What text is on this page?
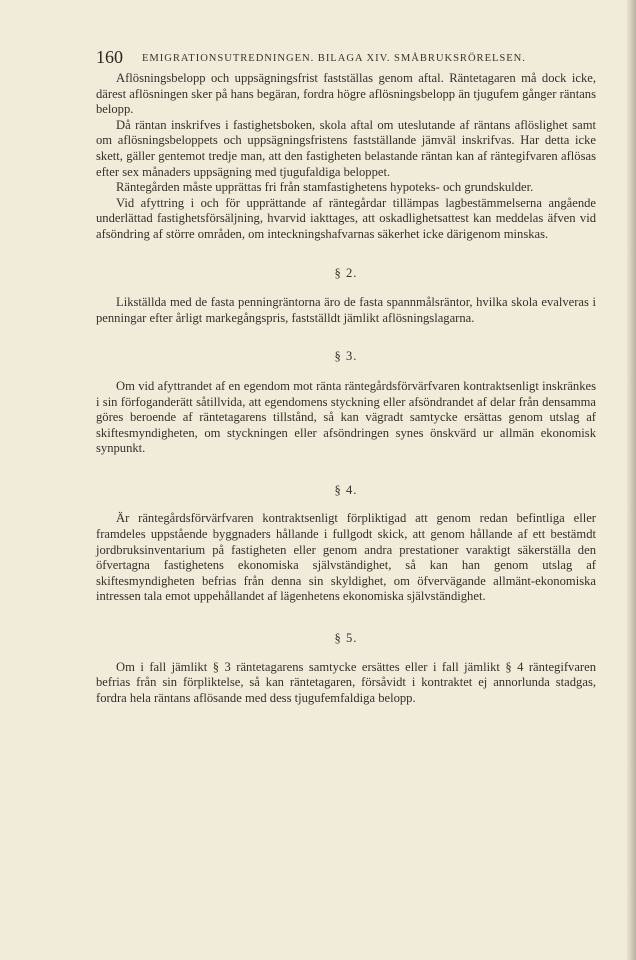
160 EMIGRATIONSUTREDNINGEN. BILAGA XIV. SMÅBRUKSRÖRELSEN.

Aflösningsbelopp och uppsägningsfrist fastställas genom aftal. Räntetagaren må dock icke, därest aflösningen sker på hans begäran, fordra högre aflösningsbelopp än tjugufem gånger räntans belopp.

Då räntan inskrifves i fastighetsboken, skola aftal om uteslutande af räntans aflöslighet samt om aflösningsbeloppets och uppsägningsfristens fastställande jämväl inskrifvas. Har detta icke skett, gäller gentemot tredje man, att den fastigheten belastande räntan kan af räntegifvaren aflösas efter sex månaders uppsägning med tjugufaldiga beloppet.

Räntegården måste upprättas fri från stamfastighetens hypoteks- och grundskulder.

Vid afyttring i och för upprättande af räntegårdar tillämpas lagbestämmelserna angående underlättad fastighetsförsäljning, hvarvid iakttages, att oskadlighetsattest kan meddelas äfven vid afsöndring af större områden, om inteckningshafvarnas säkerhet icke därigenom minskas.

§ 2.

Likställda med de fasta penningräntorna äro de fasta spannmålsräntor, hvilka skola evalveras i penningar efter årligt markegångspris, fastställdt jämlikt aflösningslagarna.

§ 3.

Om vid afyttrandet af en egendom mot ränta räntegårdsförvärfvaren kontraktsenligt inskränkes i sin förfoganderätt såtillvida, att egendomens styckning eller afsöndrandet af delar från densamma göres beroende af räntetagarens tillstånd, så kan vägradt samtycke ersättas genom utslag af skiftesmyndigheten, om styckningen eller afsöndringen synes önskvärd ur allmän ekonomisk synpunkt.

§ 4.

Är räntegårdsförvärfvaren kontraktsenligt förpliktigad att genom redan befintliga eller framdeles uppstående byggnaders hållande i fullgodt skick, att genom hållande af ett bestämdt jordbruksinventarium på fastigheten eller genom andra prestationer varaktigt säkerställa den öfvertagna fastighetens ekonomiska självständighet, så kan han genom utslag af skiftesmyndigheten befrias från denna sin skyldighet, om öfvervägande allmänt-ekonomiska intressen tala emot uppehållandet af lägenhetens ekonomiska självständighet.

§ 5.

Om i fall jämlikt § 3 räntetagarens samtycke ersättes eller i fall jämlikt § 4 räntegifvaren befrias från sin förpliktelse, så kan räntetagaren, försåvidt i kontraktet ej annorlunda stadgas, fordra hela räntans aflösande med dess tjugufemfaldiga belopp.
